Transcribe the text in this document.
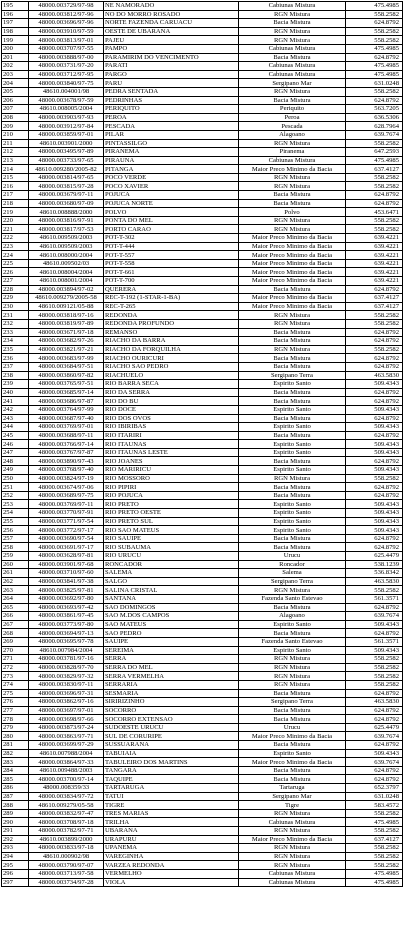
195	48000.003729/97-98	NE NAMORADO	Cabiunas Mistura	475.4985
196	48000.003812/97-96	NO DO MORRO ROSADO	RGN Mistura	558.2582
197	48000.003696/97-96	NORTE FAZENDA CARUACU	Bacia Mistura	624.8792
198	48000.003910/97-59	OESTE DE UBARANA	RGN Mistura	558.2582
199	48000.003813/97-01	PAJEU	RGN Mistura	558.2582
200	48000.003707/97-55	PAMPO	Cabiunas Mistura	475.4985
201	48000.003888/97-00	PARAMIRIM DO VENCIMENTO	Bacia Mistura	624.8792
202	48000.003731/97-20	PARATI	Cabiunas Mistura	475.4985
203	48000.003712/97-95	PARGO	Cabiunas Mistura	475.4985
204	48000.003840/97-75	PARU	Sergipano Mar	631.0248
205	48610.004001/98	PEDRA SENTADA	RGN Mistura	558.2582
206	48000.003678/97-59	PEDRINHAS	Bacia Mistura	624.8792
207	48610.008005/2004	PERIQUITO	Periquito	563.7205
208	48000.003903/97-93	PEROA	Peroa	636.5306
209	48000.003912/97-84	PESCADA	Pescada	628.7964
210	48000.003859/97-01	PILAR	Alagoano	639.7674
211	48610.003901/2000	PINTASSILGO	RGN Mistura	558.2582
212	48000.003495/97-89	PIRANEMA	Piranema	647.2593
213	48000.003733/97-65	PIRAUNA	Cabiunas Mistura	475.4985
214	48610.009280/2005-82	PITANGA	Maior Preco Minimo da Bacia	637.4127
215	48000.003814/97-65	POCO VERDE	RGN Mistura	558.2582
216	48000.003815/97-28	POCO XAVIER	RGN Mistura	558.2582
217	48000.003679/97-11	POJUCA	Bacia Mistura	624.8792
218	48000.003680/97-09	POJUCA NORTE	Bacia Mistura	624.8792
219	48610.008888/2000	POLVO	Polvo	453.6471
220	48000.003816/97-91	PONTA DO MEL	RGN Mistura	558.2582
221	48000.003817/97-53	PORTO CARAO	RGN Mistura	558.2582
222	48610.009509/2003	POT-T-302	Maior Preco Minimo da Bacia	639.4221
223	48610.009509/2003	POT-T-444	Maior Preco Minimo da Bacia	639.4221
224	48610.008000/2004	POT-T-557	Maior Preco Minimo da Bacia	639.4221
225	48610.009502/03	POT-T-558	Maior Preco Minimo da Bacia	639.4221
226	48610.008004/2004	POT-T-661	Maior Preco Minimo da Bacia	639.4221
227	48610.008001/2004	POT-T-700	Maior Preco Minimo da Bacia	639.4221
228	48000.003894/97-02	QUERERA	Bacia Mistura	624.8792
229	48610.009279/2005-58	REC-T-192 (1-STAR-1-BA)	Maior Preco Minimo da Bacia	637.4127
230	48610.009121/05-88	REC-T-265	Maior Preco Minimo da Bacia	637.4127
231	48000.003818/97-16	REDONDA	RGN Mistura	558.2582
232	48000.003819/97-89	REDONDA PROFUNDO	RGN Mistura	558.2582
233	48000.003671/97-18	REMANSO	Bacia Mistura	624.8792
234	48000.003682/97-26	RIACHO DA BARRA	Bacia Mistura	624.8792
235	48000.003821/97-21	RIACHO DA FORQUILHA	RGN Mistura	558.2582
236	48000.003683/97-99	RIACHO OURICURI	Bacia Mistura	624.8792
237	48000.003684/97-51	RIACHO SAO PEDRO	Bacia Mistura	624.8792
238	48000.003860/97-82	RIACHUELO	Sergipano Terra	463.5830
239	48000.003765/97-51	RIO BARRA SECA	Espirito Santo	509.4343
240	48000.003685/97-14	RIO DA SERRA	Bacia Mistura	624.8792
241	48000.003686/97-87	RIO DO BU	Bacia Mistura	624.8792
242	48000.003764/97-99	RIO DOCE	Espirito Santo	509.4343
243	48000.003687/97-40	RIO DOS OVOS	Bacia Mistura	624.8792
244	48000.003769/97-01	RIO IBIRIBAS	Espirito Santo	509.4343
245	48000.003688/97-11	RIO ITARIRI	Bacia Mistura	624.8792
246	48000.003766/97-14	RIO ITAUNAS	Espirito Santo	509.4343
247	48000.003767/97-87	RIO ITAUNAS LESTE	Espirito Santo	509.4343
248	48000.003890/97-43	RIO JOANES	Bacia Mistura	624.8792
249	48000.003768/97-40	RIO MARIRICU	Espirito Santo	509.4343
250	48000.003824/97-19	RIO MOSSORO	RGN Mistura	558.2582
251	48000.003674/97-06	RIO PIPIRI	Bacia Mistura	624.8792
252	48000.003689/97-75	RIO POJUCA	Bacia Mistura	624.8792
253	48000.003769/97-11	RIO PRETO	Espirito Santo	509.4343
254	48000.003770/97-91	RIO PRETO OESTE	Espirito Santo	509.4343
255	48000.003771/97-54	RIO PRETO SUL	Espirito Santo	509.4343
256	48000.003772/97-17	RIO SAO MATEUS	Espirito Santo	509.4343
257	48000.003690/97-54	RIO SAUIPE	Bacia Mistura	624.8792
258	48000.003691/97-17	RIO SUBAUMA	Bacia Mistura	624.8792
259	48000.003628/97-81	RIO URUCU	Urucu	625.4479
260	48000.003901/97-68	RONCADOR	Roncador	538.1239
261	48000.003710/97-60	SALEMA	Salema	536.8342
262	48000.003841/97-38	SALGO	Sergipano Terra	463.5830
263	48000.003825/97-81	SALINA CRISTAL	RGN Mistura	558.2582
264	48000.003692/97-80	SANTANA	Fazenda Santo Estevao	561.3571
265	48000.003693/97-42	SAO DOMINGOS	Bacia Mistura	624.8792
266	48000.003861/97-45	SAO M.DOS CAMPOS	Alagoano	639.7674
267	48000.003773/97-80	SAO MATEUS	Espirito Santo	509.4343
268	48000.003694/97-13	SAO PEDRO	Bacia Mistura	624.8792
269	48000.003695/97-78	SAUIPE	Fazenda Santo Estevao	561.3571
270	48610.007984/2004	SEREIMA	Espirito Santo	509.4343
271	48000.003781/97-16	SERRA	RGN Mistura	558.2582
272	48000.003828/97-70	SERRA DO MEL	RGN Mistura	558.2582
273	48000.003829/97-32	SERRA VERMELHA	RGN Mistura	558.2582
274	48000.003830/97-11	SERRARIA	RGN Mistura	558.2582
275	48000.003696/97-31	SESMARIA	Bacia Mistura	624.8792
276	48000.003862/97-16	SIRIRIZINHO	Sergipano Terra	463.5830
277	48000.003697/97-01	SOCORRO	Bacia Mistura	624.8792
278	48000.003698/97-66	SOCORRO EXTENSAO	Bacia Mistura	624.8792
279	48000.003873/97-24	SUDOESTE URUCU	Urucu	625.4479
280	48000.003863/97-71	SUL DE CORURIPE	Maior Preco Minimo da Bacia	639.7674
281	48000.003699/97-29	SUSSUARANA	Bacia Mistura	624.8792
282	48610.007988/2004	TABUIAIA	Espirito Santo	509.4343
283	48000.003864/97-33	TABULEIRO DOS MARTINS	Maior Preco Minimo da Bacia	639.7674
284	48610.009488/2003	TANGARA	Bacia Mistura	624.8792
285	48000.003700/97-14	TAQUIPE	Bacia Mistura	624.8792
286	48000.008359/33	TARTARUGA	Tartaruga	652.3797
287	48000.003834/97-72	TATUI	Sergipano Mar	631.0248
288	48610.009279/05-58	TIGRE	Tigre	583.4572
289	48000.003832/97-47	TRES MARIAS	RGN Mistura	558.2582
290	48000.003708/97-18	TRILHA	Cabiunas Mistura	475.4985
291	48000.003782/97-71	UBARANA	RGN Mistura	558.2582
292	48610.003899/2000	URAPURU	Maior Preco Minimo da Bacia	637.4127
293	48000.003833/97-18	UPANEMA	RGN Mistura	558.2582
294	48610.000902/98	VAREGINHA	RGN Mistura	558.2582
295	48000.003790/97-07	VARZEA REDONDA	RGN Mistura	558.2582
296	48000.003713/97-58	VERMELHO	Cabiunas Mistura	475.4985
297	48000.003734/97-28	VIOLA	Cabiunas Mistura	475.4985
